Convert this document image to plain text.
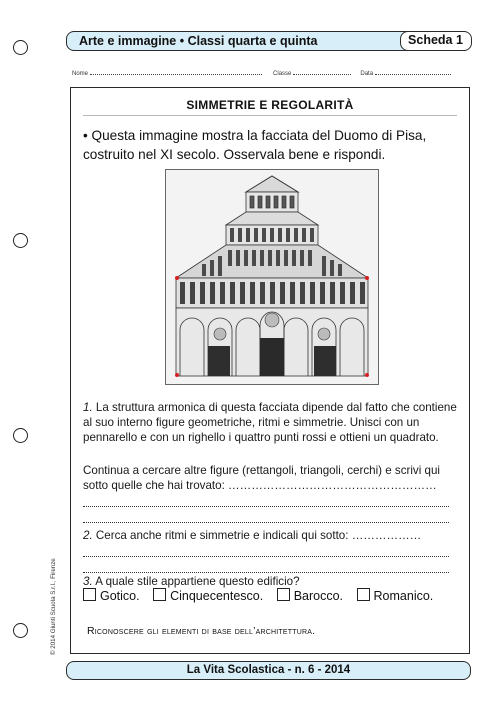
Arte e immagine • Classi quarta e quinta	Scheda 1
Nome	Classe	Data
SIMMETRIE E REGOLARITÀ
• Questa immagine mostra la facciata del Duomo di Pisa, costruito nel XI secolo. Osservala bene e rispondi.
1. La struttura armonica di questa facciata dipende dal fatto che contiene al suo interno figure geometriche, ritmi e simmetrie. Unisci con un pennarello e con un righello i quattro punti rossi e ottieni un quadrato.
Continua a cercare altre figure (rettangoli, triangoli, cerchi) e scrivi qui sotto quelle che hai trovato: ………………………………………………
2. Cerca anche ritmi e simmetrie e indicali qui sotto: ………………
3. A quale stile appartiene questo edificio?
Gotico. Cinquecentesco. Barocco. Romanico.
Riconoscere gli elementi di base dell’architettura.
© 2014 Giunti Scuola S.r.l., Firenze
La Vita Scolastica - n. 6 - 2014
